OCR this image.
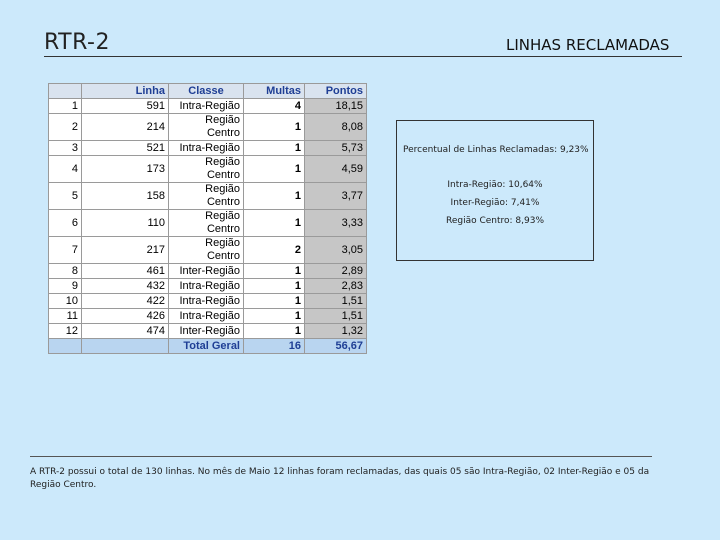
RTR-2	LINHAS RECLAMADAS
	Linha	Classe	Multas	Pontos
1	591	Intra-Região	4	18,15
2	214	Região Centro	1	8,08
3	521	Intra-Região	1	5,73
4	173	Região Centro	1	4,59
5	158	Região Centro	1	3,77
6	110	Região Centro	1	3,33
7	217	Região Centro	2	3,05
8	461	Inter-Região	1	2,89
9	432	Intra-Região	1	2,83
10	422	Intra-Região	1	1,51
11	426	Intra-Região	1	1,51
12	474	Inter-Região	1	1,32
		Total Geral	16	56,67
Percentual de Linhas Reclamadas: 9,23%
Intra-Região: 10,64%
Inter-Região: 7,41%
Região Centro: 8,93%
A RTR-2 possui o total de 130 linhas. No mês de Maio 12 linhas foram reclamadas, das quais 05 são Intra-Região, 02 Inter-Região e 05 da Região Centro.
